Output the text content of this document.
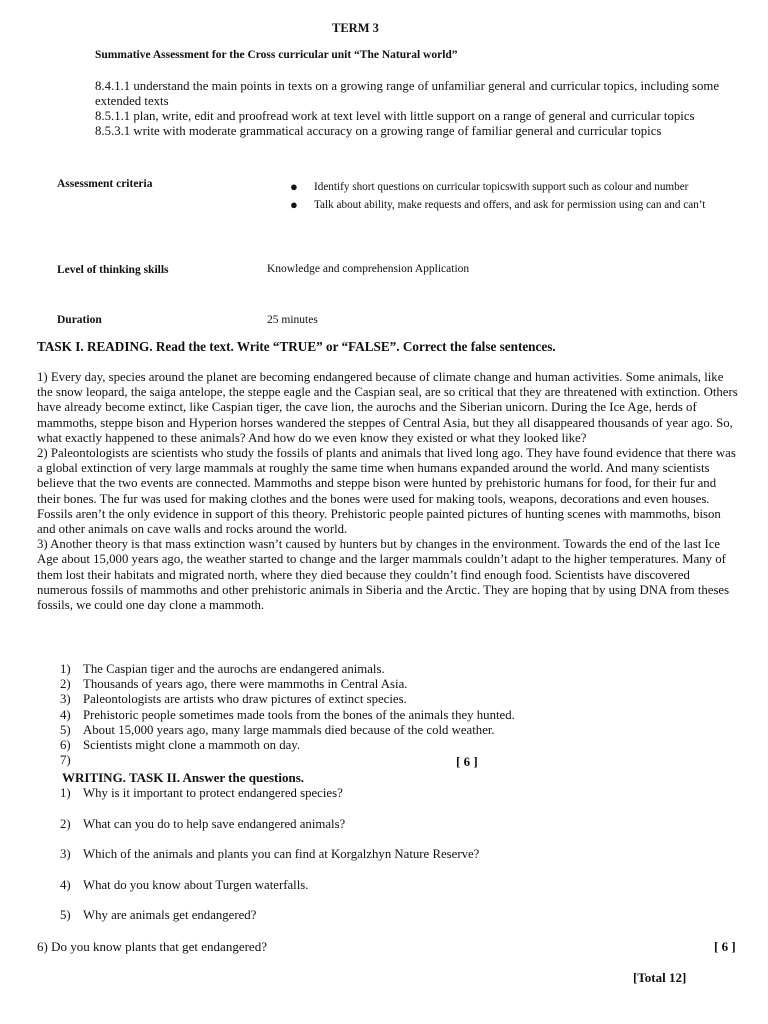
TERM 3
Summative Assessment for the Cross curricular unit “The Natural world”
8.4.1.1 understand the main points in texts on a growing range of unfamiliar general and curricular topics, including some extended texts
8.5.1.1 plan, write, edit and proofread work at text level with little support on a range of general and curricular topics
8.5.3.1 write with moderate grammatical accuracy on a growing range of familiar general and curricular topics
Assessment criteria	● Identify short questions on curricular topicswith support such as colour and number
● Talk about ability, make requests and offers, and ask for permission using can and can’t
Level of thinking skills	Knowledge and comprehension Application
Duration	25 minutes
TASK I. READING. Read the text. Write “TRUE” or “FALSE”. Correct the false sentences.

1) Every day, species around the planet are becoming endangered because of climate change and human activities. Some animals, like the snow leopard, the saiga antelope, the steppe eagle and the Caspian seal, are so critical that they are threatened with extinction. Others have already become extinct, like Caspian tiger, the cave lion, the aurochs and the Siberian unicorn. During the Ice Age, herds of mammoths, steppe bison and Hyperion horses wandered the steppes of Central Asia, but they all disappeared thousands of year ago. So, what exactly happened to these animals? And how do we even know they existed or what they looked like?

2) Paleontologists are scientists who study the fossils of plants and animals that lived long ago. They have found evidence that there was a global extinction of very large mammals at roughly the same time when humans expanded around the world. And many scientists believe that the two events are connected. Mammoths and steppe bison were hunted by prehistoric humans for food, for their fur and their bones. The fur was used for making clothes and the bones were used for making tools, weapons, decorations and even houses. Fossils aren’t the only evidence in support of this theory. Prehistoric people painted pictures of hunting scenes with mammoths, bison and other animals on cave walls and rocks around the world.

3) Another theory is that mass extinction wasn’t caused by hunters but by changes in the environment. Towards the end of the last Ice Age about 15,000 years ago, the weather started to change and the larger mammals couldn’t adapt to the higher temperatures. Many of them lost their habitats and migrated north, where they died because they couldn’t find enough food. Scientists have discovered numerous fossils of mammoths and other prehistoric animals in Siberia and the Arctic. They are hoping that by using DNA from theses fossils, we could one day clone a mammoth.

1) The Caspian tiger and the aurochs are endangered animals.
2) Thousands of years ago, there were mammoths in Central Asia.
3) Paleontologists are artists who draw pictures of extinct species.
4) Prehistoric people sometimes made tools from the bones of the animals they hunted.
5) About 15,000 years ago, many large mammals died because of the cold weather.
6) Scientists might clone a mammoth on day.
7)	[ 6 ]
WRITING. TASK II. Answer the questions.
1) Why is it important to protect endangered species?
2) What can you do to help save endangered animals?
3) Which of the animals and plants you can find at Korgalzhyn Nature Reserve?
4) What do you know about Turgen waterfalls.
5) Why are animals get endangered?
6) Do you know plants that get endangered?	[ 6 ]
[Total 12]
